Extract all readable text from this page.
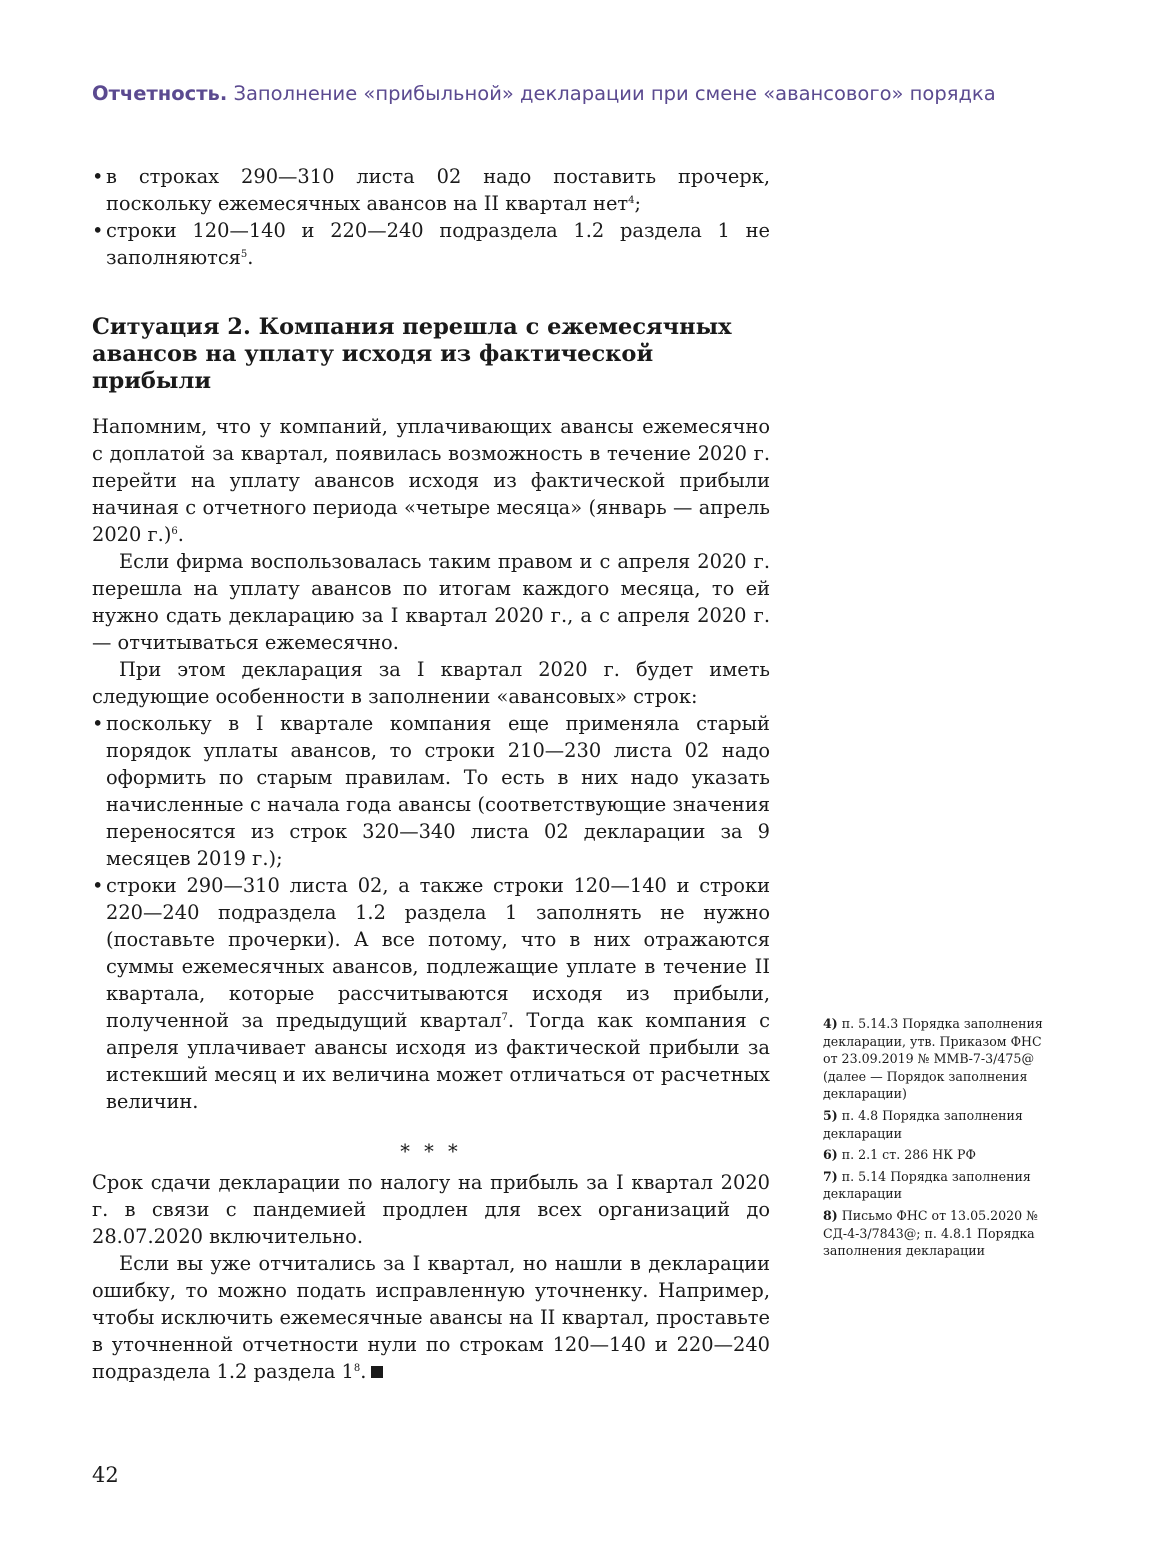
Отчетность. Заполнение «прибыльной» декларации при смене «авансового» порядка
• в строках 290—310 листа 02 надо поставить прочерк, поскольку ежемесячных авансов на II квартал нет$^4$;
• строки 120—140 и 220—240 подраздела 1.2 раздела 1 не заполняются$^5$.
Ситуация 2. Компания перешла с ежемесячных авансов на уплату исходя из фактической прибыли

Напомним, что у компаний, уплачивающих авансы ежемесячно с доплатой за квартал, появилась возможность в течение 2020 г. перейти на уплату авансов исходя из фактической прибыли начиная с отчетного периода «четыре месяца» (январь — апрель 2020 г.)$^6$.

Если фирма воспользовалась таким правом и с апреля 2020 г. перешла на уплату авансов по итогам каждого месяца, то ей нужно сдать декларацию за I квартал 2020 г., а с апреля 2020 г. — отчитываться ежемесячно.

При этом декларация за I квартал 2020 г. будет иметь следующие особенности в заполнении «авансовых» строк:

• поскольку в I квартале компания еще применяла старый порядок уплаты авансов, то строки 210—230 листа 02 надо оформить по старым правилам. То есть в них надо указать начисленные с начала года авансы (соответствующие значения переносятся из строк 320—340 листа 02 декларации за 9 месяцев 2019 г.);
• строки 290—310 листа 02, а также строки 120—140 и строки 220—240 подраздела 1.2 раздела 1 заполнять не нужно (поставьте прочерки). А все потому, что в них отражаются суммы ежемесячных авансов, подлежащие уплате в течение II квартала, которые рассчитываются исходя из прибыли, полученной за предыдущий квартал$^7$. Тогда как компания с апреля уплачивает авансы исходя из фактической прибыли за истекший месяц и их величина может отличаться от расчетных величин.
* * *

Срок сдачи декларации по налогу на прибыль за I квартал 2020 г. в связи с пандемией продлен для всех организаций до 28.07.2020 включительно.

Если вы уже отчитались за I квартал, но нашли в декларации ошибку, то можно подать исправленную уточненку. Например, чтобы исключить ежемесячные авансы на II квартал, проставьте в уточненной отчетности нули по строкам 120—140 и 220—240 подраздела 1.2 раздела $1^8$.

4) п. 5.14.3 Порядка заполнения декларации, утв. Приказом ФНС от 23.09.2019 № ММВ-7-3/475@ (далее — Порядок заполнения декларации)
5) п. 4.8 Порядка заполнения декларации
6) п. 2.1 ст. 286 НК РФ
7) п. 5.14 Порядка заполнения декларации
8) Письмо ФНС от 13.05.2020 № СД-4-3/7843@; п. 4.8.1 Порядка заполнения декларации
42
